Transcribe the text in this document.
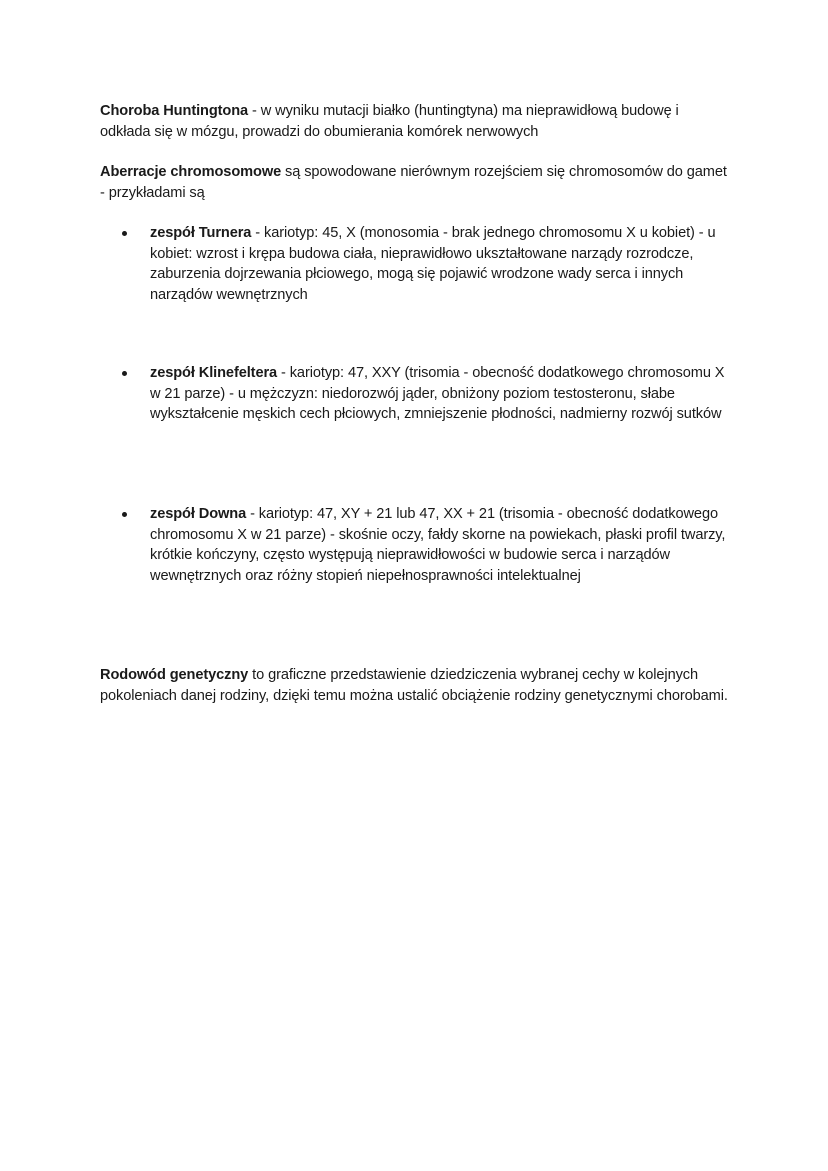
Choroba Huntingtona - w wyniku mutacji białko (huntingtyna) ma nieprawidłową budowę i odkłada się w mózgu, prowadzi do obumierania komórek nerwowych

Aberracje chromosomowe są spowodowane nierównym rozejściem się chromosomów do gamet - przykładami są

zespół Turnera - kariotyp: 45, X (monosomia - brak jednego chromosomu X u kobiet) - u kobiet: wzrost i krępa budowa ciała, nieprawidłowo ukształtowane narządy rozrodcze, zaburzenia dojrzewania płciowego, mogą się pojawić wrodzone wady serca i innych narządów wewnętrznych
zespół Klinefeltera - kariotyp: 47, XXY (trisomia - obecność dodatkowego chromosomu X w 21 parze) - u mężczyzn: niedorozwój jąder, obniżony poziom testosteronu, słabe wykształcenie męskich cech płciowych, zmniejszenie płodności, nadmierny rozwój sutków
zespół Downa - kariotyp: 47, XY + 21 lub 47, XX + 21 (trisomia - obecność dodatkowego chromosomu X w 21 parze) - skośnie oczy, fałdy skorne na powiekach, płaski profil twarzy, krótkie kończyny, często występują nieprawidłowości w budowie serca i narządów wewnętrznych oraz różny stopień niepełnosprawności intelektualnej

Rodowód genetyczny to graficzne przedstawienie dziedziczenia wybranej cechy w kolejnych pokoleniach danej rodziny, dzięki temu można ustalić obciążenie rodziny genetycznymi chorobami.
